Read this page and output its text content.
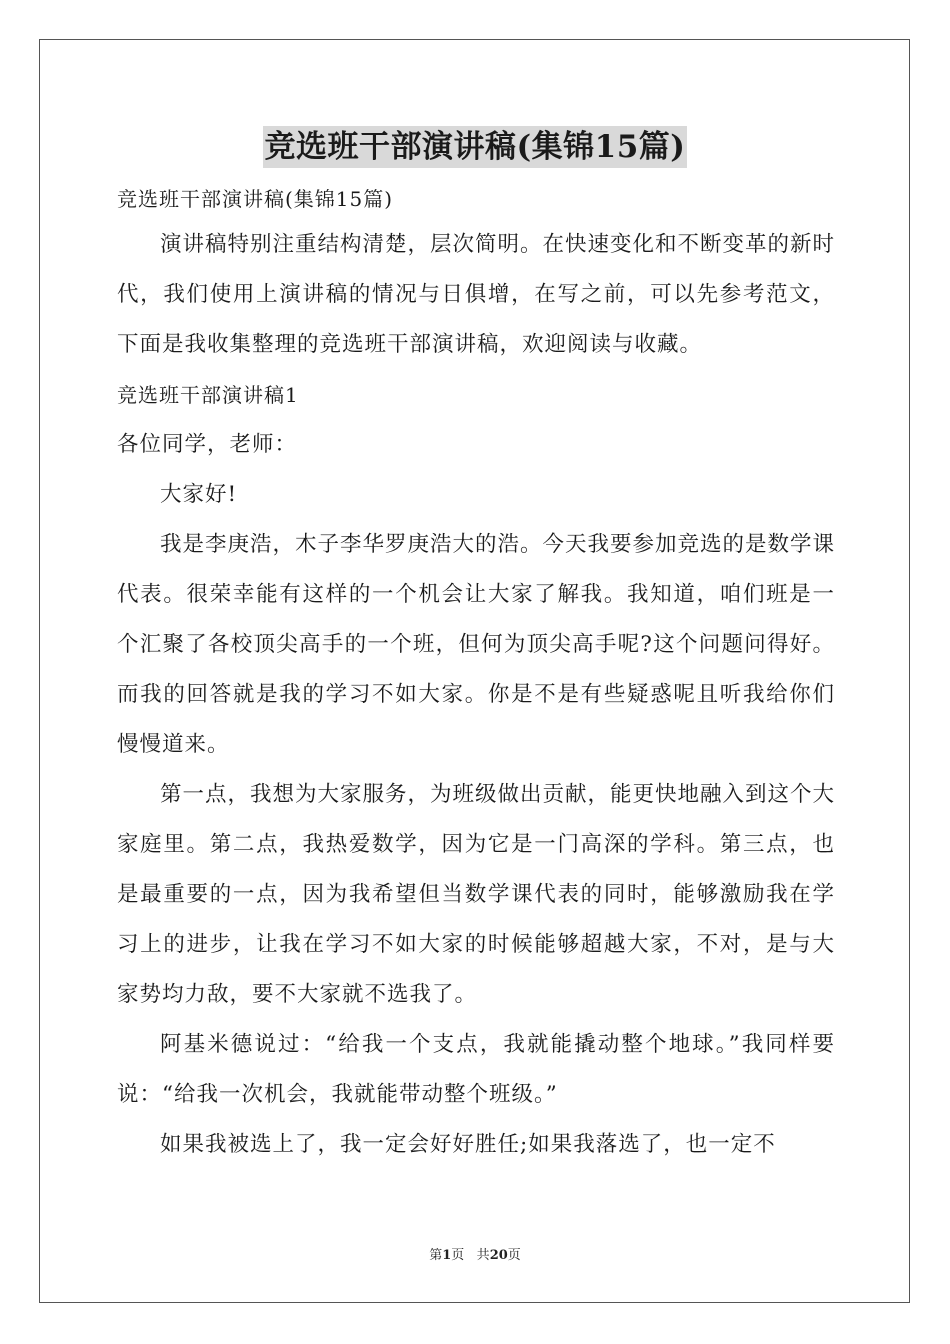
竞选班干部演讲稿(集锦15篇)

竞选班干部演讲稿(集锦15篇)

演讲稿特别注重结构清楚，层次简明。在快速变化和不断变革的新时代，我们使用上演讲稿的情况与日俱增，在写之前，可以先参考范文，下面是我收集整理的竞选班干部演讲稿，欢迎阅读与收藏。

竞选班干部演讲稿1

各位同学，老师：

大家好!

我是李庚浩，木子李华罗庚浩大的浩。今天我要参加竞选的是数学课代表。很荣幸能有这样的一个机会让大家了解我。我知道，咱们班是一个汇聚了各校顶尖高手的一个班，但何为顶尖高手呢?这个问题问得好。而我的回答就是我的学习不如大家。你是不是有些疑惑呢且听我给你们慢慢道来。

第一点，我想为大家服务，为班级做出贡献，能更快地融入到这个大家庭里。第二点，我热爱数学，因为它是一门高深的学科。第三点，也是最重要的一点，因为我希望但当数学课代表的同时，能够激励我在学习上的进步，让我在学习不如大家的时候能够超越大家，不对，是与大家势均力敌，要不大家就不选我了。

阿基米德说过：“给我一个支点，我就能撬动整个地球。”我同样要说：“给我一次机会，我就能带动整个班级。”

如果我被选上了，我一定会好好胜任;如果我落选了，也一定不

第1页 共20页
